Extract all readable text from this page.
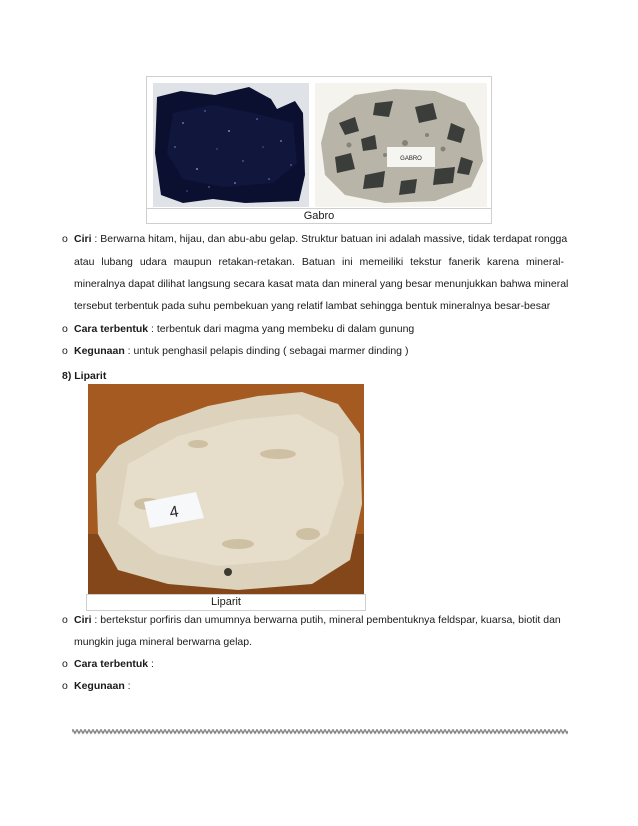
GABRO
Gabro
o Ciri : Berwarna hitam, hijau, dan abu-abu gelap. Struktur batuan ini adalah massive, tidak terdapat rongga
atau lubang udara maupun retakan-retakan. Batuan ini memeiliki tekstur fanerik karena mineral-
mineralnya dapat dilihat langsung secara kasat mata dan mineral yang besar menunjukkan bahwa mineral
tersebut terbentuk pada suhu pembekuan yang relatif lambat sehingga bentuk mineralnya besar-besar
o Cara terbentuk : terbentuk dari magma yang membeku di dalam gunung
o Kegunaan : untuk penghasil pelapis dinding ( sebagai marmer dinding )
8) Liparit
4
Liparit
o Ciri : bertekstur porfiris dan umumnya berwarna putih, mineral pembentuknya feldspar, kuarsa, biotit dan
mungkin juga mineral berwarna gelap.
o Cara terbentuk :
o Kegunaan :
